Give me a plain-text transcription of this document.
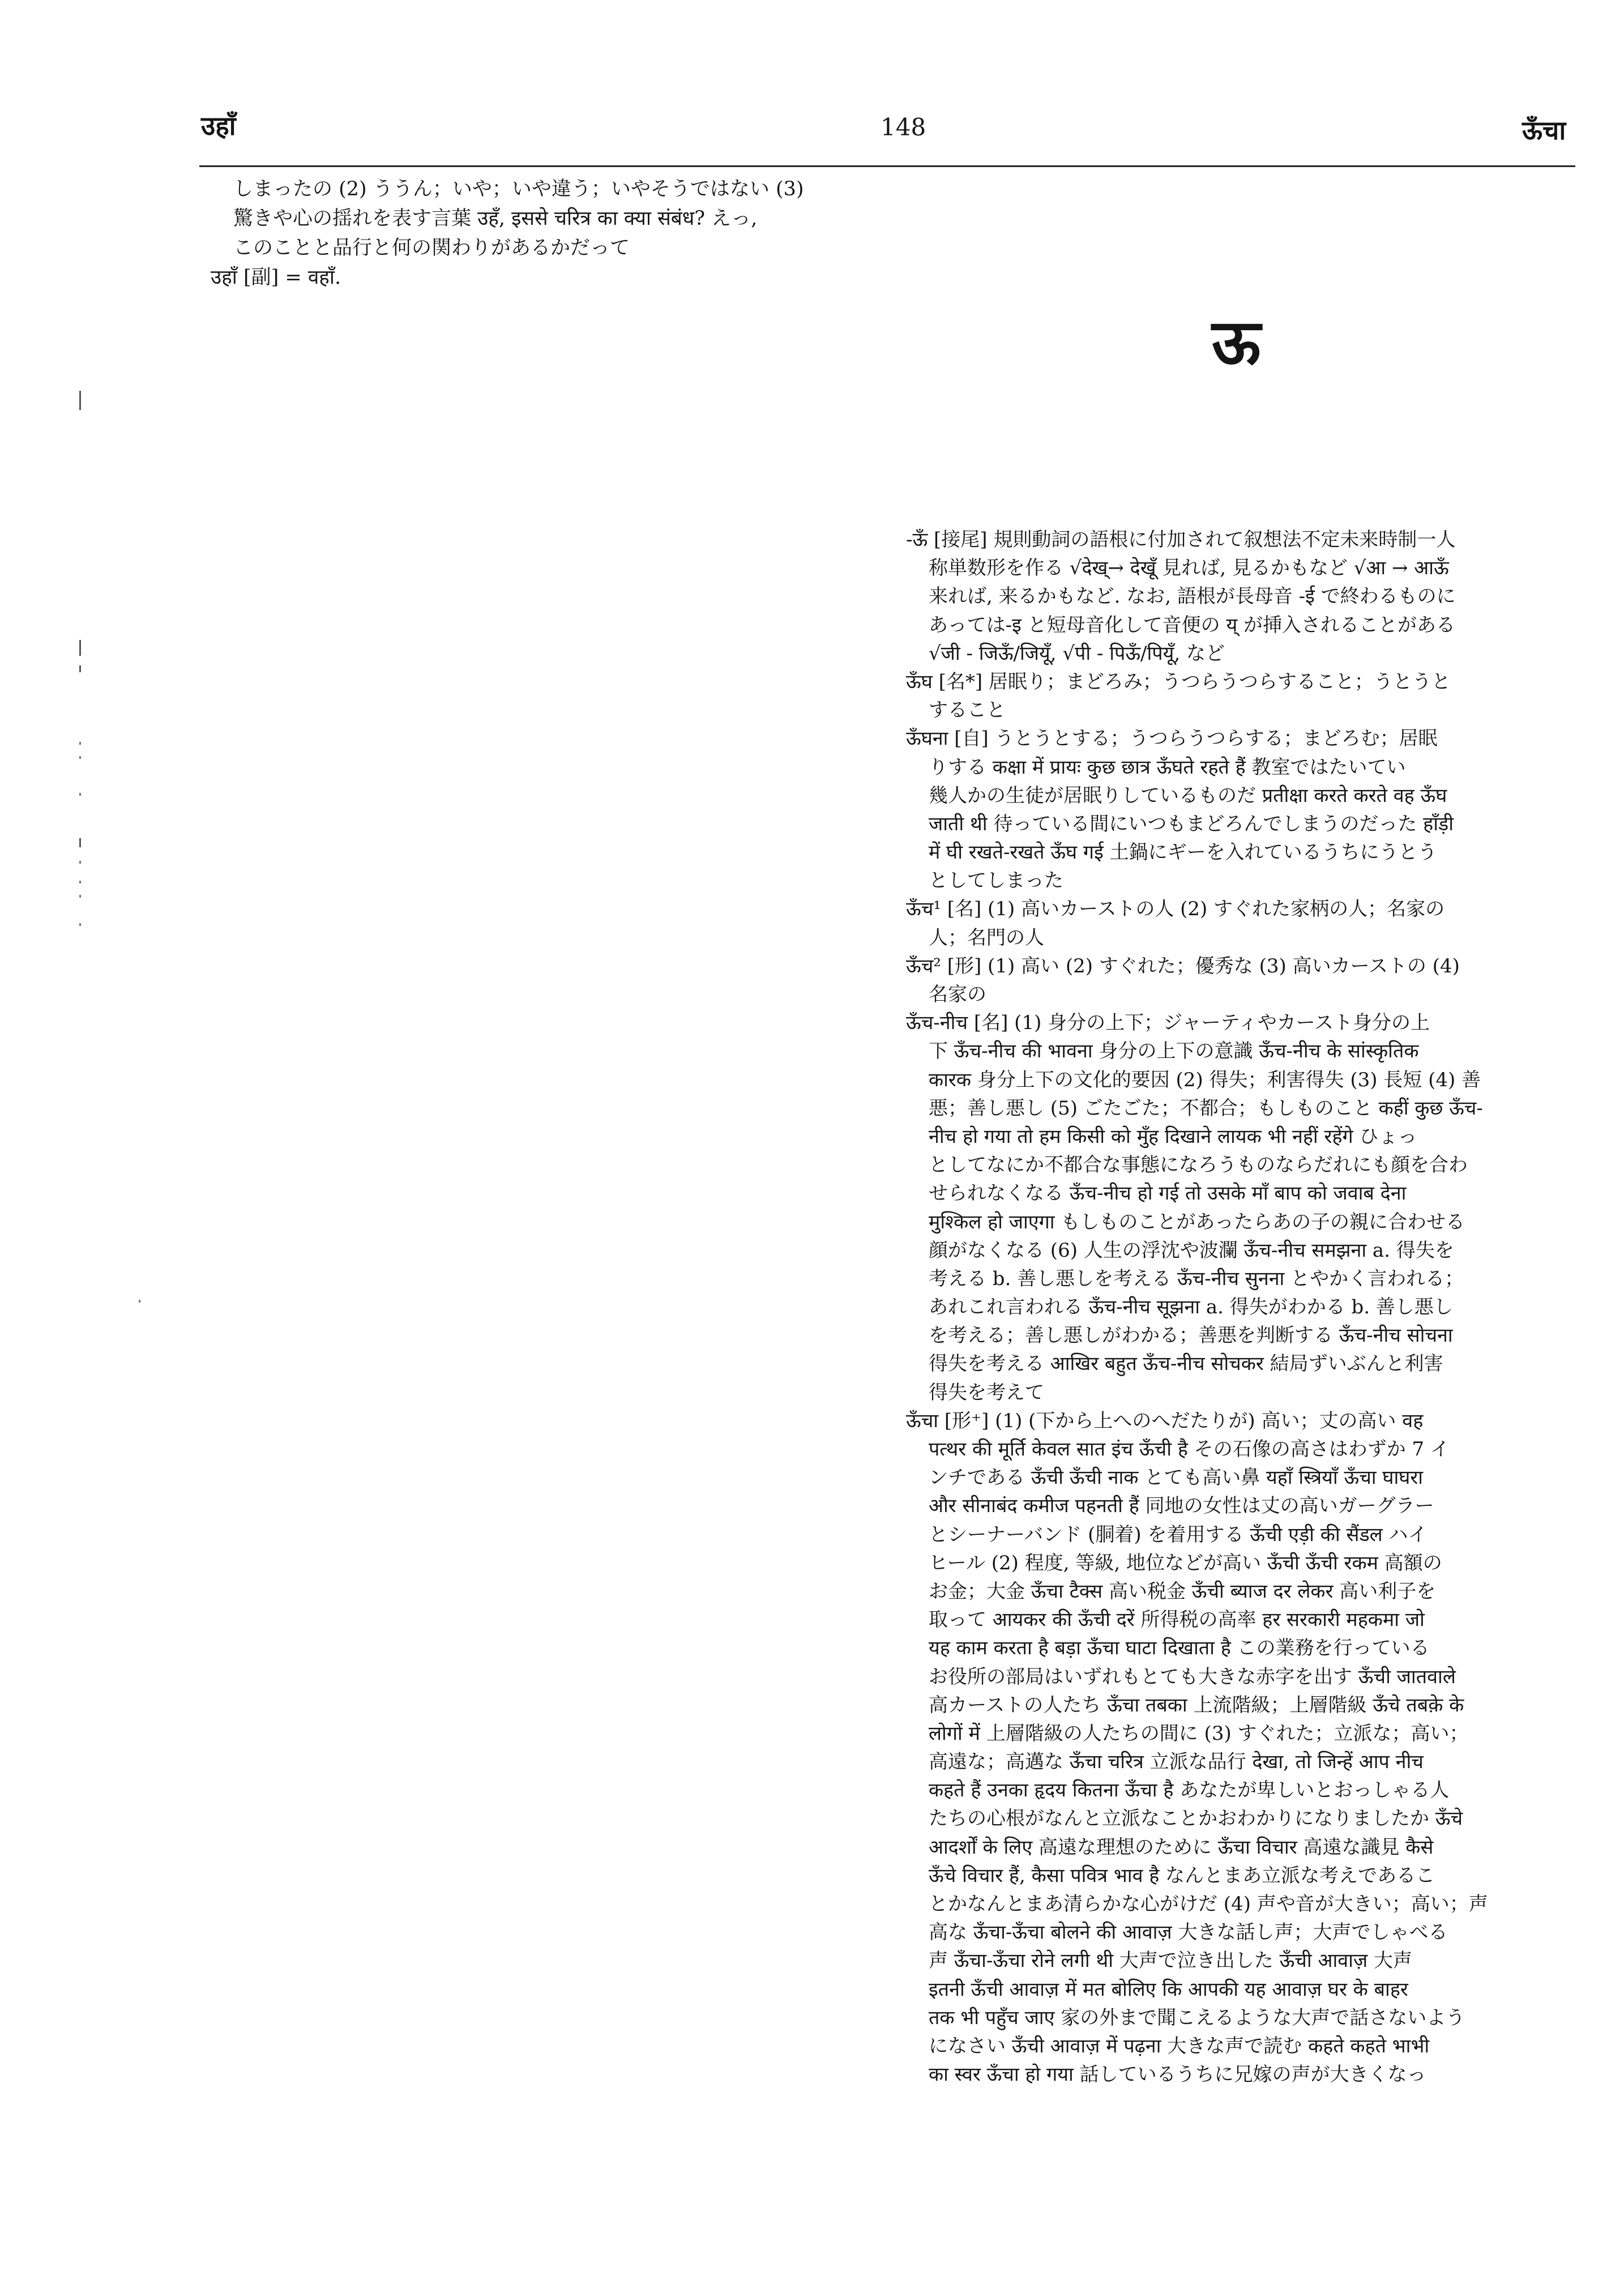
उहाँ	148	ऊँचा
しまったの (2) ううん；いや；いや違う；いやそうではない (3)
驚きや心の揺れを表す言葉 उहँ, इससे चरित्र का क्या संबंध? えっ,
このことと品行と何の関わりがあるかだって
उहाँ [副] = वहाँ.
ऊ
-ऊँ [接尾] 規則動詞の語根に付加されて叙想法不定未来時制一人
称単数形を作る √देख्→ देखूँ 見れば, 見るかもなど √आ → आऊँ
来れば, 来るかもなど. なお, 語根が長母音 -ई で終わるものに
あっては-इ と短母音化して音便の य् が挿入されることがある
√जी - जिऊँ/जियूँ, √पी - पिऊँ/पियूँ, など
ऊँघ [名*] 居眠り；まどろみ；うつらうつらすること；うとうと
すること
ऊँघना [自] うとうとする；うつらうつらする；まどろむ；居眠
りする कक्षा में प्रायः कुछ छात्र ऊँघते रहते हैं 教室ではたいてい
幾人かの生徒が居眠りしているものだ प्रतीक्षा करते करते वह ऊँघ
जाती थी 待っている間にいつもまどろんでしまうのだった हाँड़ी
में घी रखते-रखते ऊँघ गई 土鍋にギーを入れているうちにうとう
としてしまった
ऊँच¹ [名] (1) 高いカーストの人 (2) すぐれた家柄の人；名家の
人；名門の人
ऊँच² [形] (1) 高い (2) すぐれた；優秀な (3) 高いカーストの (4)
名家の
ऊँच-नीच [名] (1) 身分の上下；ジャーティやカースト身分の上
下 ऊँच-नीच की भावना 身分の上下の意識 ऊँच-नीच के सांस्कृतिक
कारक 身分上下の文化的要因 (2) 得失；利害得失 (3) 長短 (4) 善
悪；善し悪し (5) ごたごた；不都合；もしものこと कहीं कुछ ऊँच-
नीच हो गया तो हम किसी को मुँह दिखाने लायक भी नहीं रहेंगे ひょっ
としてなにか不都合な事態になろうものならだれにも顔を合わ
せられなくなる ऊँच-नीच हो गई तो उसके माँ बाप को जवाब देना
मुश्किल हो जाएगा もしものことがあったらあの子の親に合わせる
顔がなくなる (6) 人生の浮沈や波瀾 ऊँच-नीच समझना a. 得失を
考える b. 善し悪しを考える ऊँच-नीच सुनना とやかく言われる；
あれこれ言われる ऊँच-नीच सूझना a. 得失がわかる b. 善し悪し
を考える；善し悪しがわかる；善悪を判断する ऊँच-नीच सोचना
得失を考える आखिर बहुत ऊँच-नीच सोचकर 結局ずいぶんと利害
得失を考えて
ऊँचा [形⁺] (1) (下から上へのへだたりが) 高い；丈の高い वह
पत्थर की मूर्ति केवल सात इंच ऊँची है その石像の高さはわずか 7 イ
ンチである ऊँची ऊँची नाक とても高い鼻 यहाँ स्त्रियाँ ऊँचा घाघरा
और सीनाबंद कमीज पहनती हैं 同地の女性は丈の高いガーグラー
とシーナーバンド (胴着) を着用する ऊँची एड़ी की सैंडल ハイ
ヒール (2) 程度, 等級, 地位などが高い ऊँची ऊँची रकम 高額の
お金；大金 ऊँचा टैक्स 高い税金 ऊँची ब्याज दर लेकर 高い利子を
取って आयकर की ऊँची दरें 所得税の高率 हर सरकारी महकमा जो
यह काम करता है बड़ा ऊँचा घाटा दिखाता है この業務を行っている
お役所の部局はいずれもとても大きな赤字を出す ऊँची जातवाले
高カーストの人たち ऊँचा तबका 上流階級；上層階級 ऊँचे तबक़े के
लोगों में 上層階級の人たちの間に (3) すぐれた；立派な；高い；
高遠な；高邁な ऊँचा चरित्र 立派な品行 देखा, तो जिन्हें आप नीच
कहते हैं उनका हृदय कितना ऊँचा है あなたが卑しいとおっしゃる人
たちの心根がなんと立派なことかおわかりになりましたか ऊँचे
आदर्शों के लिए 高遠な理想のために ऊँचा विचार 高遠な識見 कैसे
ऊँचे विचार हैं, कैसा पवित्र भाव है なんとまあ立派な考えであるこ
とかなんとまあ清らかな心がけだ (4) 声や音が大きい；高い；声
高な ऊँचा-ऊँचा बोलने की आवाज़ 大きな話し声；大声でしゃべる
声 ऊँचा-ऊँचा रोने लगी थी 大声で泣き出した ऊँची आवाज़ 大声
इतनी ऊँची आवाज़ में मत बोलिए कि आपकी यह आवाज़ घर के बाहर
तक भी पहुँच जाए 家の外まで聞こえるような大声で話さないよう
になさい ऊँची आवाज़ में पढ़ना 大きな声で読む कहते कहते भाभी
का स्वर ऊँचा हो गया 話しているうちに兄嫁の声が大きくなっ
